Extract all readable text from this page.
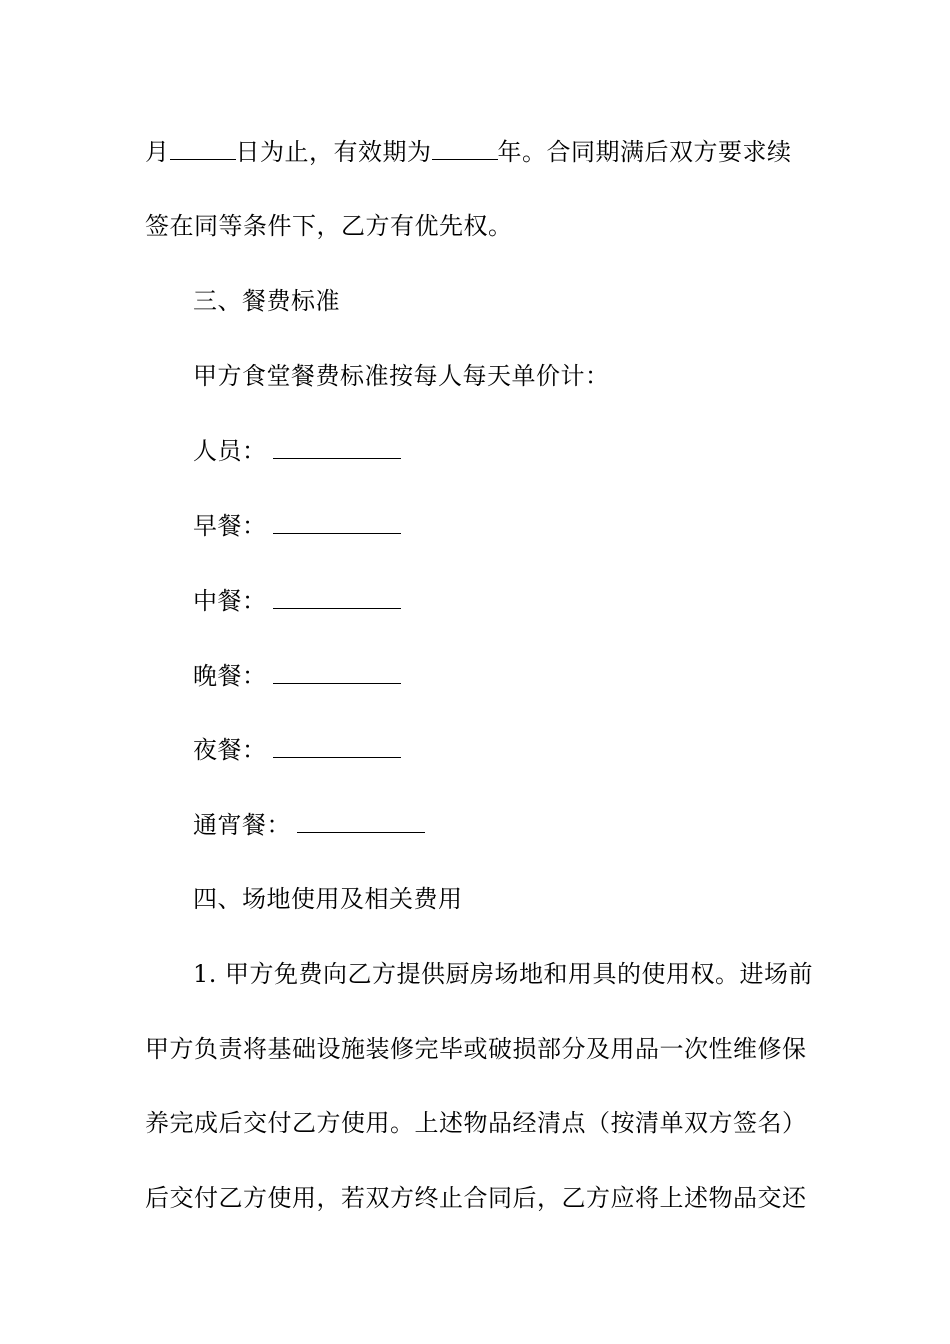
月	日为止，有效期为	年。合同期满后双方要求续
签在同等条件下，乙方有优先权。
三、餐费标准
甲方食堂餐费标准按每人每天单价计：
人员：
早餐：
中餐：
晚餐：
夜餐：
通宵餐：
四、场地使用及相关费用
1. 甲方免费向乙方提供厨房场地和用具的使用权。进场前
甲方负责将基础设施装修完毕或破损部分及用品一次性维修保
养完成后交付乙方使用。上述物品经清点（按清单双方签名）
后交付乙方使用，若双方终止合同后，乙方应将上述物品交还
